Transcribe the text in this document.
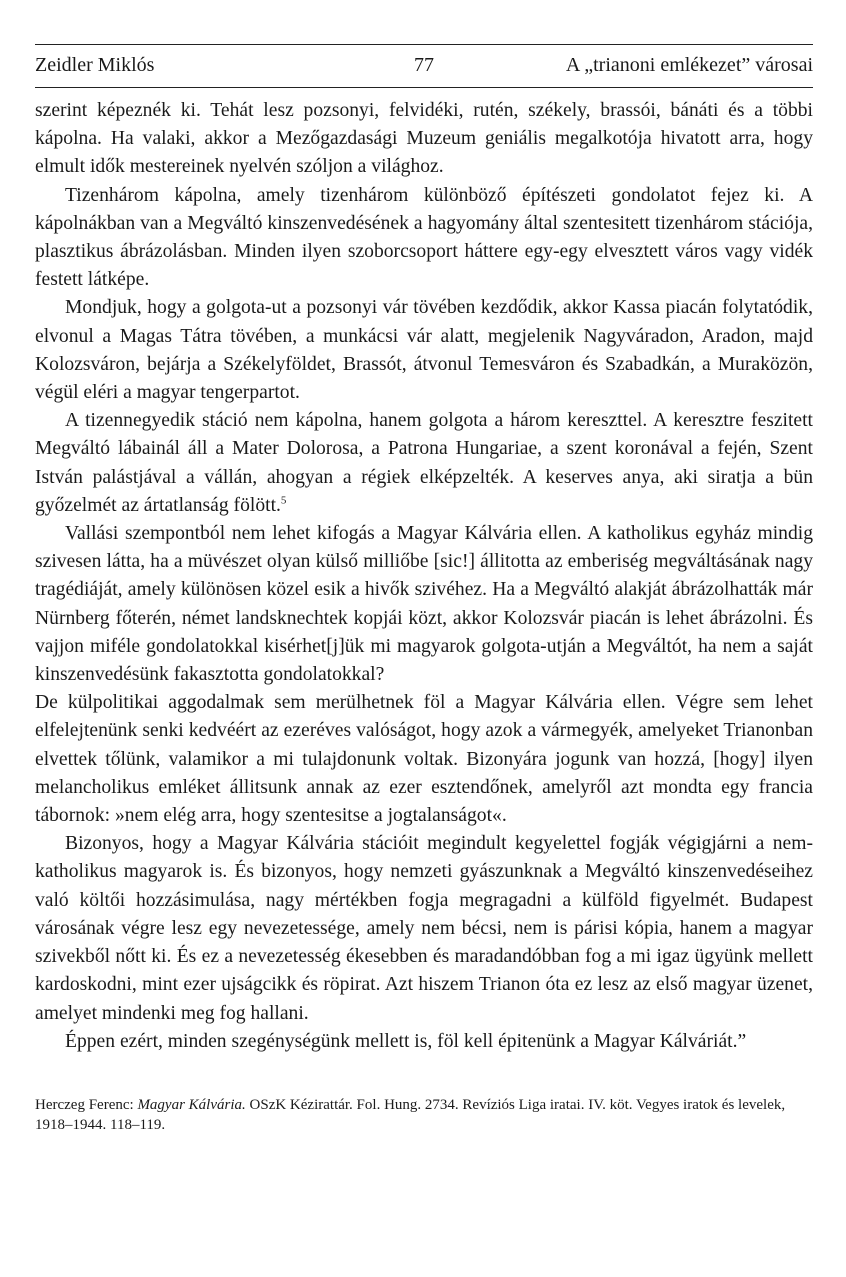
Zeidler Miklós	77	A „trianoni emlékezet” városai

szerint képeznék ki. Tehát lesz pozsonyi, felvidéki, rutén, székely, brassói, bánáti és a többi kápolna. Ha valaki, akkor a Mezőgazdasági Muzeum geniális megalkotója hivatott arra, hogy elmult idők mestereinek nyelvén szóljon a világhoz.

Tizenhárom kápolna, amely tizenhárom különböző építészeti gondolatot fejez ki. A kápolnákban van a Megváltó kinszenvedésének a hagyomány által szentesitett tizenhárom stációja, plasztikus ábrázolásban. Minden ilyen szoborcsoport háttere egy-egy elvesztett város vagy vidék festett látképe.

Mondjuk, hogy a golgota-ut a pozsonyi vár tövében kezdődik, akkor Kassa piacán folytatódik, elvonul a Magas Tátra tövében, a munkácsi vár alatt, megjelenik Nagyváradon, Aradon, majd Kolozsváron, bejárja a Székelyföldet, Brassót, átvonul Temesváron és Szabadkán, a Muraközön, végül eléri a magyar tengerpartot.

A tizennegyedik stáció nem kápolna, hanem golgota a három kereszttel. A keresztre feszitett Megváltó lábainál áll a Mater Dolorosa, a Patrona Hungariae, a szent koronával a fején, Szent István palástjával a vállán, ahogyan a régiek elképzelték. A keserves anya, aki siratja a bün győzelmét az ártatlanság fölött.$^5$

Vallási szempontból nem lehet kifogás a Magyar Kálvária ellen. A katholikus egyház mindig szivesen látta, ha a müvészet olyan külső milliőbe [sic!] állitotta az emberiség megváltásának nagy tragédiáját, amely különösen közel esik a hivők szivéhez. Ha a Megváltó alakját ábrázolhatták már Nürnberg főterén, német landsknechtek kopjái közt, akkor Kolozsvár piacán is lehet ábrázolni. És vajjon miféle gondolatokkal kisérhet[j]ük mi magyarok golgota-utján a Megváltót, ha nem a saját kinszenvedésünk fakasztotta gondolatokkal?

De külpolitikai aggodalmak sem merülhetnek föl a Magyar Kálvária ellen. Végre sem lehet elfelejtenünk senki kedvéért az ezeréves valóságot, hogy azok a vármegyék, amelyeket Trianonban elvettek tőlünk, valamikor a mi tulajdonunk voltak. Bizonyára jogunk van hozzá, [hogy] ilyen melancholikus emléket állitsunk annak az ezer esztendőnek, amelyről azt mondta egy francia tábornok: »nem elég arra, hogy szentesitse a jogtalanságot«.

Bizonyos, hogy a Magyar Kálvária stációit megindult kegyelettel fogják végigjárni a nem-katholikus magyarok is. És bizonyos, hogy nemzeti gyászunknak a Megváltó kinszenvedéseihez való költői hozzásimulása, nagy mértékben fogja megragadni a külföld figyelmét. Budapest városának végre lesz egy nevezetessége, amely nem bécsi, nem is párisi kópia, hanem a magyar szivekből nőtt ki. És ez a nevezetesség ékesebben és maradandóbban fog a mi igaz ügyünk mellett kardoskodni, mint ezer ujságcikk és röpirat. Azt hiszem Trianon óta ez lesz az első magyar üzenet, amelyet mindenki meg fog hallani.

Éppen ezért, minden szegénységünk mellett is, föl kell épitenünk a Magyar Kálváriát.”

Herczeg Ferenc: Magyar Kálvária. OSzK Kézirattár. Fol. Hung. 2734. Revíziós Liga iratai. IV. köt. Vegyes iratok és levelek, 1918–1944. 118–119.
